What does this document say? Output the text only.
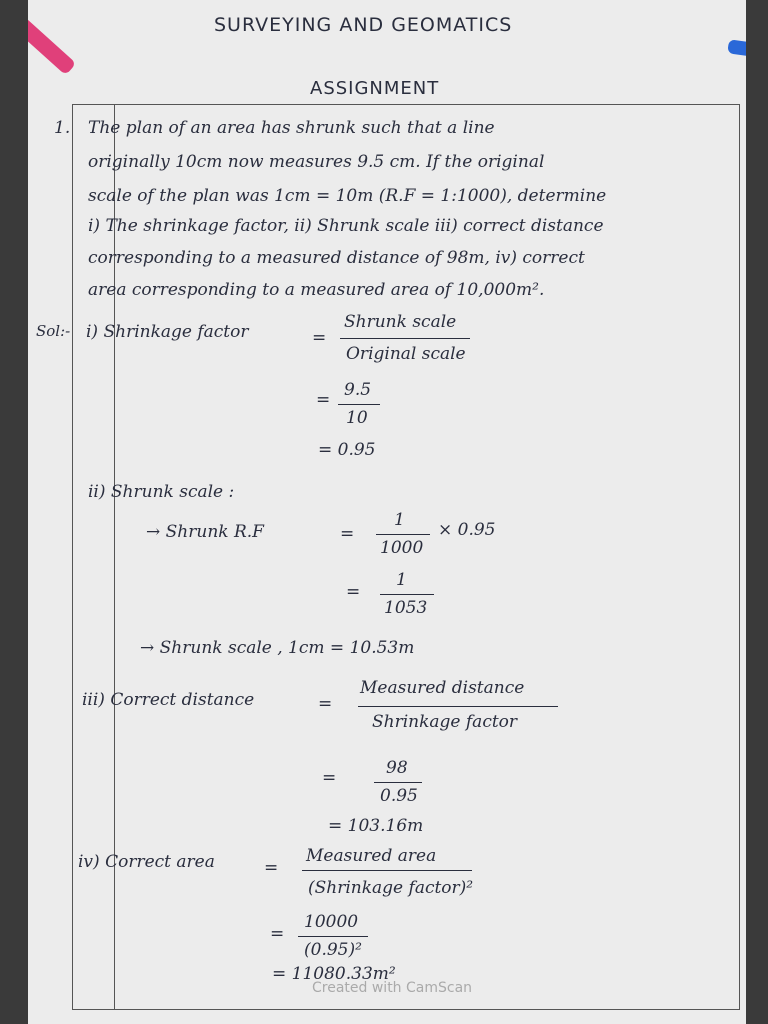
SURVEYING AND GEOMATICS
ASSIGNMENT
1. The plan of an area has shrunk such that a line
originally 10cm now measures 9.5 cm. If the original
scale of the plan was 1cm = 10m (R.F = 1:1000), determine
i) The shrinkage factor, ii) Shrunk scale iii) correct distance
corresponding to a measured distance of 98m, iv) correct
area corresponding to a measured area of 10,000m².
Sol:- i) Shrinkage factor	=
Shrunk scale
Original scale
= 9.5
10
= 0.95
ii) Shrunk scale :
→ Shrunk R.F	=
1
1000
× 0.95
=
1
1053
→ Shrunk scale , 1cm = 10.53m
iii) Correct distance	=
Measured distance
Shrinkage factor
=	98
0.95
= 103.16m
iv) Correct area	=
Measured area
(Shrinkage factor)²
=
10000
(0.95)²
= 11080.33m²
Created with CamScan
